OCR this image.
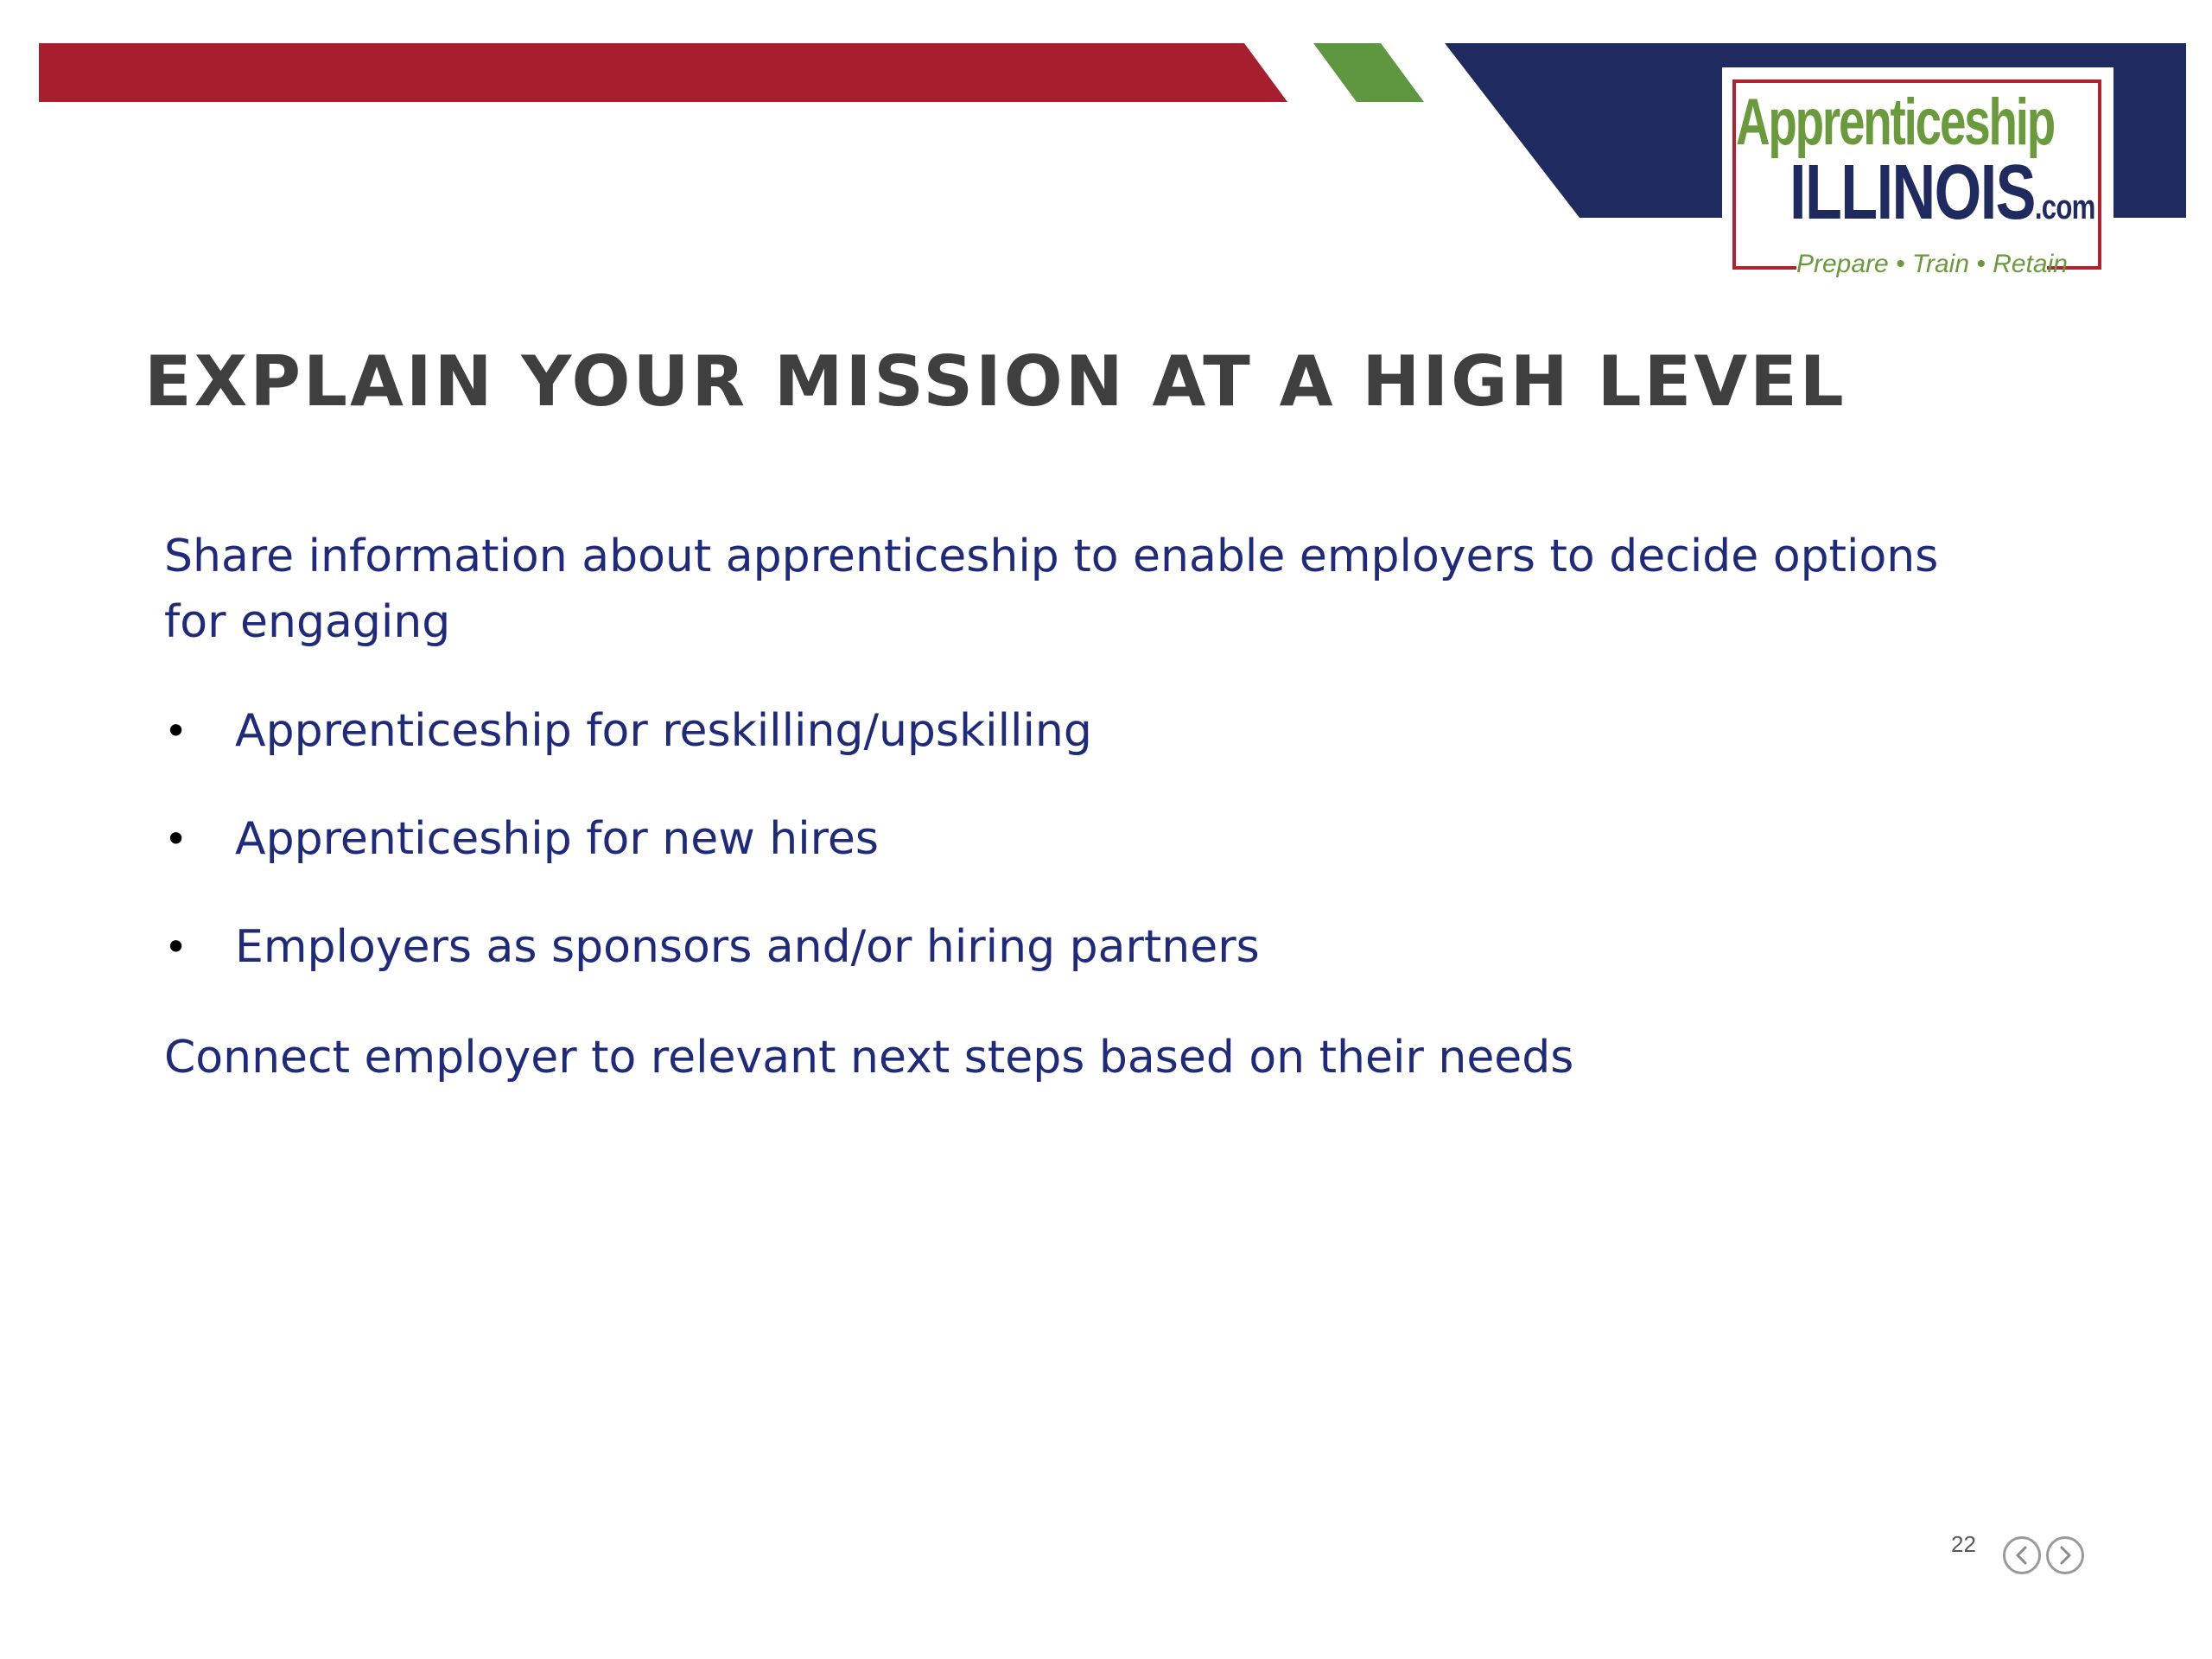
Apprenticeship
ILLINOIS.com
Prepare • Train • Retain
EXPLAIN YOUR MISSION AT A HIGH LEVEL
Share information about apprenticeship to enable employers to decide options for engaging
• Apprenticeship for reskilling/upskilling
• Apprenticeship for new hires
• Employers as sponsors and/or hiring partners
Connect employer to relevant next steps based on their needs
22
